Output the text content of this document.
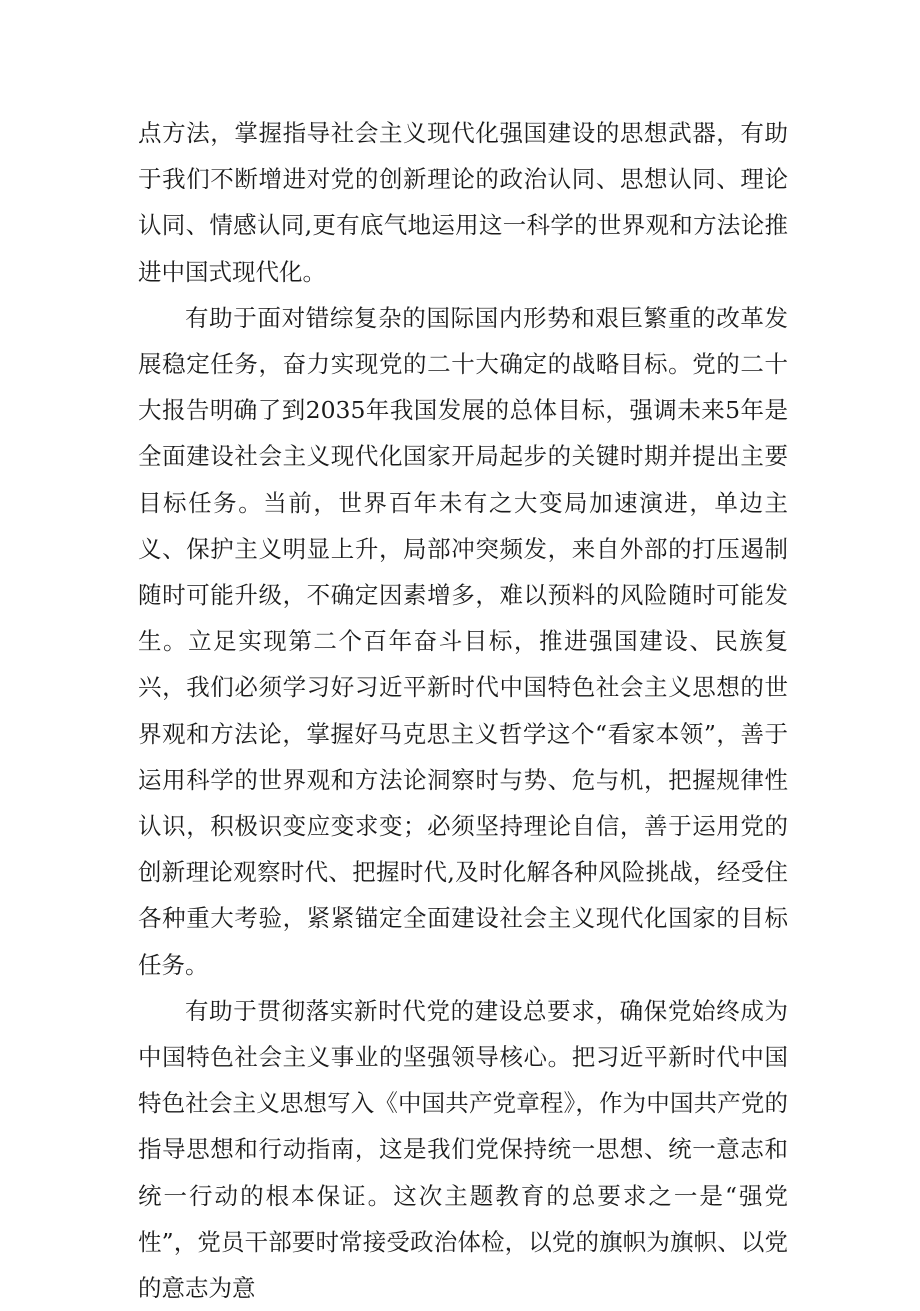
点方法，掌握指导社会主义现代化强国建设的思想武器，有助于我们不断增进对党的创新理论的政治认同、思想认同、理论认同、情感认同,更有底气地运用这一科学的世界观和方法论推进中国式现代化。

有助于面对错综复杂的国际国内形势和艰巨繁重的改革发展稳定任务，奋力实现党的二十大确定的战略目标。党的二十大报告明确了到2035年我国发展的总体目标，强调未来5年是全面建设社会主义现代化国家开局起步的关键时期并提出主要目标任务。当前，世界百年未有之大变局加速演进，单边主义、保护主义明显上升，局部冲突频发，来自外部的打压遏制随时可能升级，不确定因素增多，难以预料的风险随时可能发生。立足实现第二个百年奋斗目标，推进强国建设、民族复兴，我们必须学习好习近平新时代中国特色社会主义思想的世界观和方法论，掌握好马克思主义哲学这个“看家本领”，善于运用科学的世界观和方法论洞察时与势、危与机，把握规律性认识，积极识变应变求变；必须坚持理论自信，善于运用党的创新理论观察时代、把握时代,及时化解各种风险挑战，经受住各种重大考验，紧紧锚定全面建设社会主义现代化国家的目标任务。

有助于贯彻落实新时代党的建设总要求，确保党始终成为中国特色社会主义事业的坚强领导核心。把习近平新时代中国特色社会主义思想写入《中国共产党章程》，作为中国共产党的指导思想和行动指南，这是我们党保持统一思想、统一意志和统一行动的根本保证。这次主题教育的总要求之一是“强党性”，党员干部要时常接受政治体检，以党的旗帜为旗帜、以党的意志为意
